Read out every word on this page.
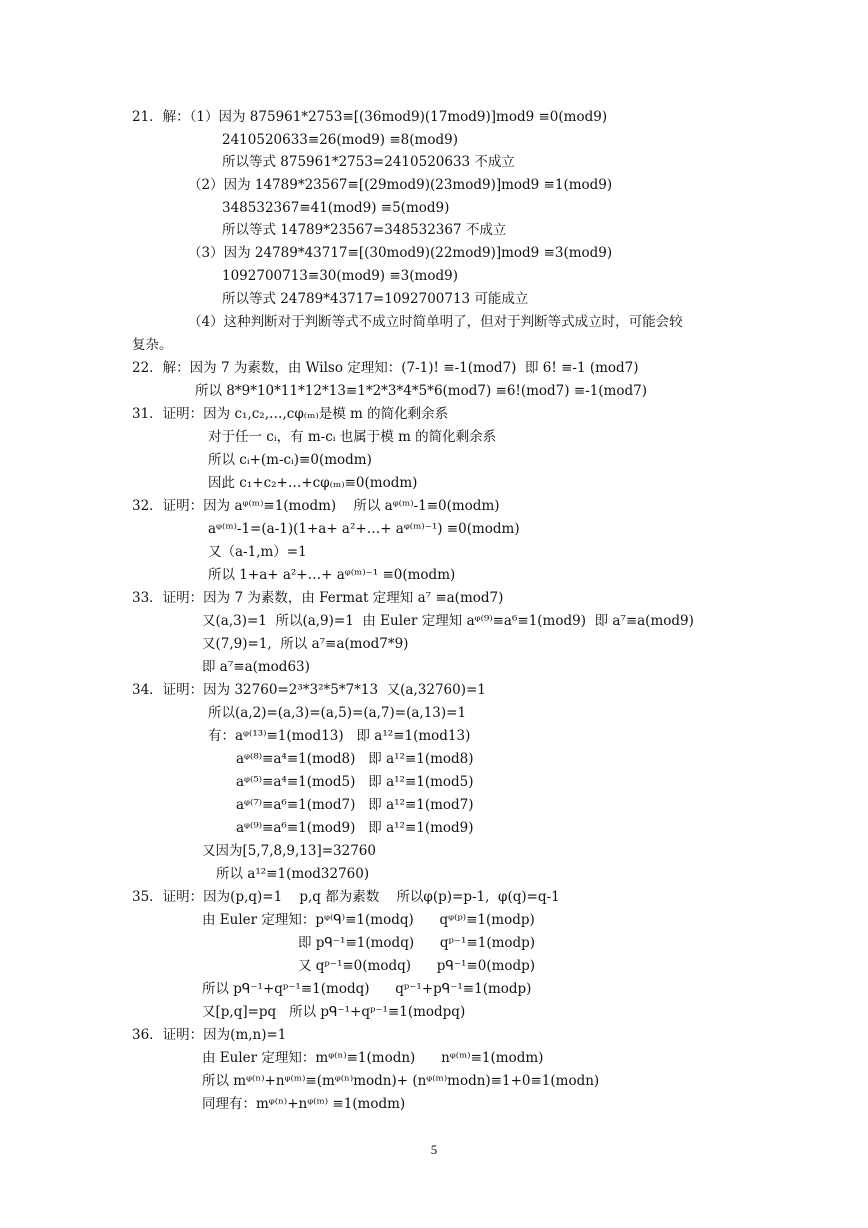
21．解：（1）因为 875961*2753≡[(36mod9)(17mod9)]mod9 ≡0(mod9)
2410520633≡26(mod9) ≡8(mod9)
所以等式 875961*2753=2410520633 不成立
（2）因为 14789*23567≡[(29mod9)(23mod9)]mod9 ≡1(mod9)
348532367≡41(mod9) ≡5(mod9)
所以等式 14789*23567=348532367 不成立
（3）因为 24789*43717≡[(30mod9)(22mod9)]mod9 ≡3(mod9)
1092700713≡30(mod9) ≡3(mod9)
所以等式 24789*43717=1092700713 可能成立
（4）这种判断对于判断等式不成立时简单明了，但对于判断等式成立时，可能会较
复杂。
22．解：因为 7 为素数，由 Wilso 定理知：(7-1)! ≡-1(mod7)  即 6! ≡-1 (mod7)
所以 8*9*10*11*12*13≡1*2*3*4*5*6(mod7) ≡6!(mod7) ≡-1(mod7)
31．证明：因为 c₁,c₂,…,cφ₍ₘ₎是模 m 的简化剩余系
对于任一 cᵢ，有 m-cᵢ 也属于模 m 的简化剩余系
所以 cᵢ+(m-cᵢ)≡0(modm)
因此 c₁+c₂+…+cφ₍ₘ₎≡0(modm)
32．证明：因为 aᵠ⁽ᵐ⁾≡1(modm)    所以 aᵠ⁽ᵐ⁾-1≡0(modm)
aᵠ⁽ᵐ⁾-1=(a-1)(1+a+ a²+…+ aᵠ⁽ᵐ⁾⁻¹) ≡0(modm)
又（a-1,m）=1
所以 1+a+ a²+…+ aᵠ⁽ᵐ⁾⁻¹ ≡0(modm)
33．证明：因为 7 为素数，由 Fermat 定理知 a⁷ ≡a(mod7)
又(a,3)=1  所以(a,9)=1  由 Euler 定理知 aᵠ⁽⁹⁾≡a⁶≡1(mod9)  即 a⁷≡a(mod9)
又(7,9)=1,  所以 a⁷≡a(mod7*9)
即 a⁷≡a(mod63)
34．证明：因为 32760=2³*3²*5*7*13  又(a,32760)=1
所以(a,2)=(a,3)=(a,5)=(a,7)=(a,13)=1
有：aᵠ⁽¹³⁾≡1(mod13)   即 a¹²≡1(mod13)
aᵠ⁽⁸⁾≡a⁴≡1(mod8)   即 a¹²≡1(mod8)
aᵠ⁽⁵⁾≡a⁴≡1(mod5)   即 a¹²≡1(mod5)
aᵠ⁽⁷⁾≡a⁶≡1(mod7)   即 a¹²≡1(mod7)
aᵠ⁽⁹⁾≡a⁶≡1(mod9)   即 a¹²≡1(mod9)
又因为[5,7,8,9,13]=32760
所以 a¹²≡1(mod32760)
35．证明：因为(p,q)=1    p,q 都为素数    所以φ(p)=p-1,  φ(q)=q-1
由 Euler 定理知：pᵠ⁽ᑫ⁾≡1(modq)      qᵠ⁽ᵖ⁾≡1(modp)
即 pᑫ⁻¹≡1(modq)      qᵖ⁻¹≡1(modp)
又 qᵖ⁻¹≡0(modq)      pᑫ⁻¹≡0(modp)
所以 pᑫ⁻¹+qᵖ⁻¹≡1(modq)      qᵖ⁻¹+pᑫ⁻¹≡1(modp)
又[p,q]=pq   所以 pᑫ⁻¹+qᵖ⁻¹≡1(modpq)
36．证明：因为(m,n)=1
由 Euler 定理知：mᵠ⁽ⁿ⁾≡1(modn)      nᵠ⁽ᵐ⁾≡1(modm)
所以 mᵠ⁽ⁿ⁾+nᵠ⁽ᵐ⁾≡(mᵠ⁽ⁿ⁾modn)+ (nᵠ⁽ᵐ⁾modn)≡1+0≡1(modn)
同理有：mᵠ⁽ⁿ⁾+nᵠ⁽ᵐ⁾ ≡1(modm)
5
